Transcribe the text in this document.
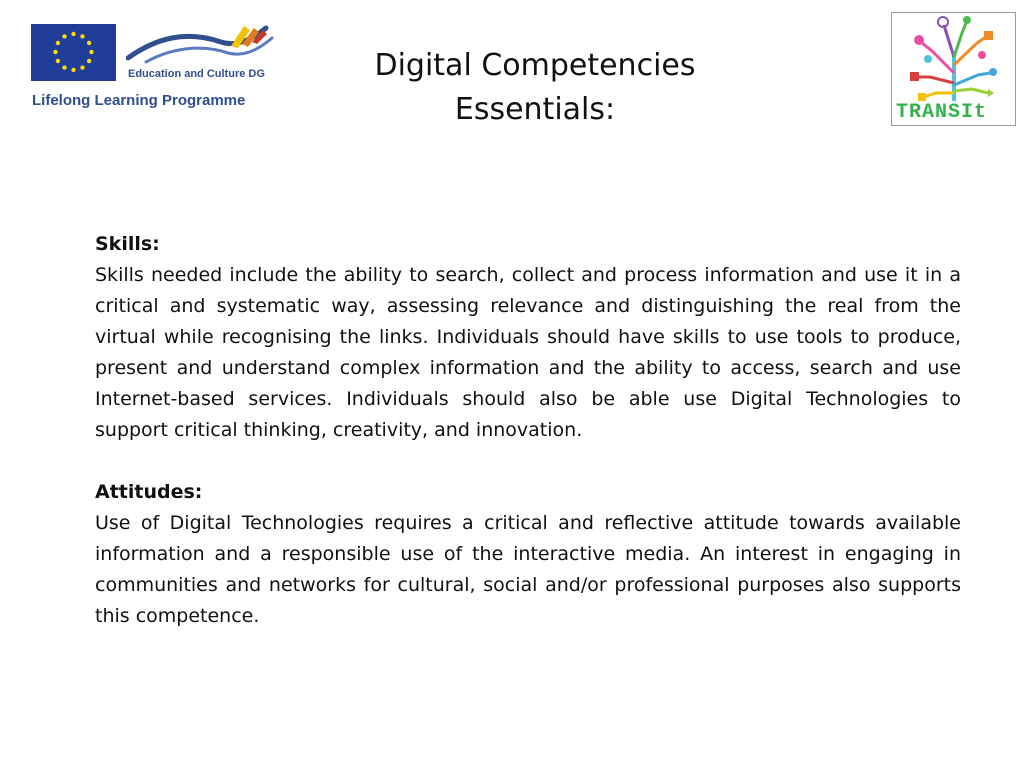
Education and Culture DG
Lifelong Learning Programme
Digital Competencies
Essentials:	TRANSIt

Skills:

Skills needed include the ability to search, collect and process information and use it in a critical and systematic way, assessing relevance and distinguishing the real from the virtual while recognising the links. Individuals should have skills to use tools to produce, present and understand complex information and the ability to access, search and use Internet-based services. Individuals should also be able use Digital Technologies to support critical thinking, creativity, and innovation.

Attitudes:

Use of Digital Technologies requires a critical and reflective attitude towards available information and a responsible use of the interactive media. An interest in engaging in communities and networks for cultural, social and/or professional purposes also supports this competence.
